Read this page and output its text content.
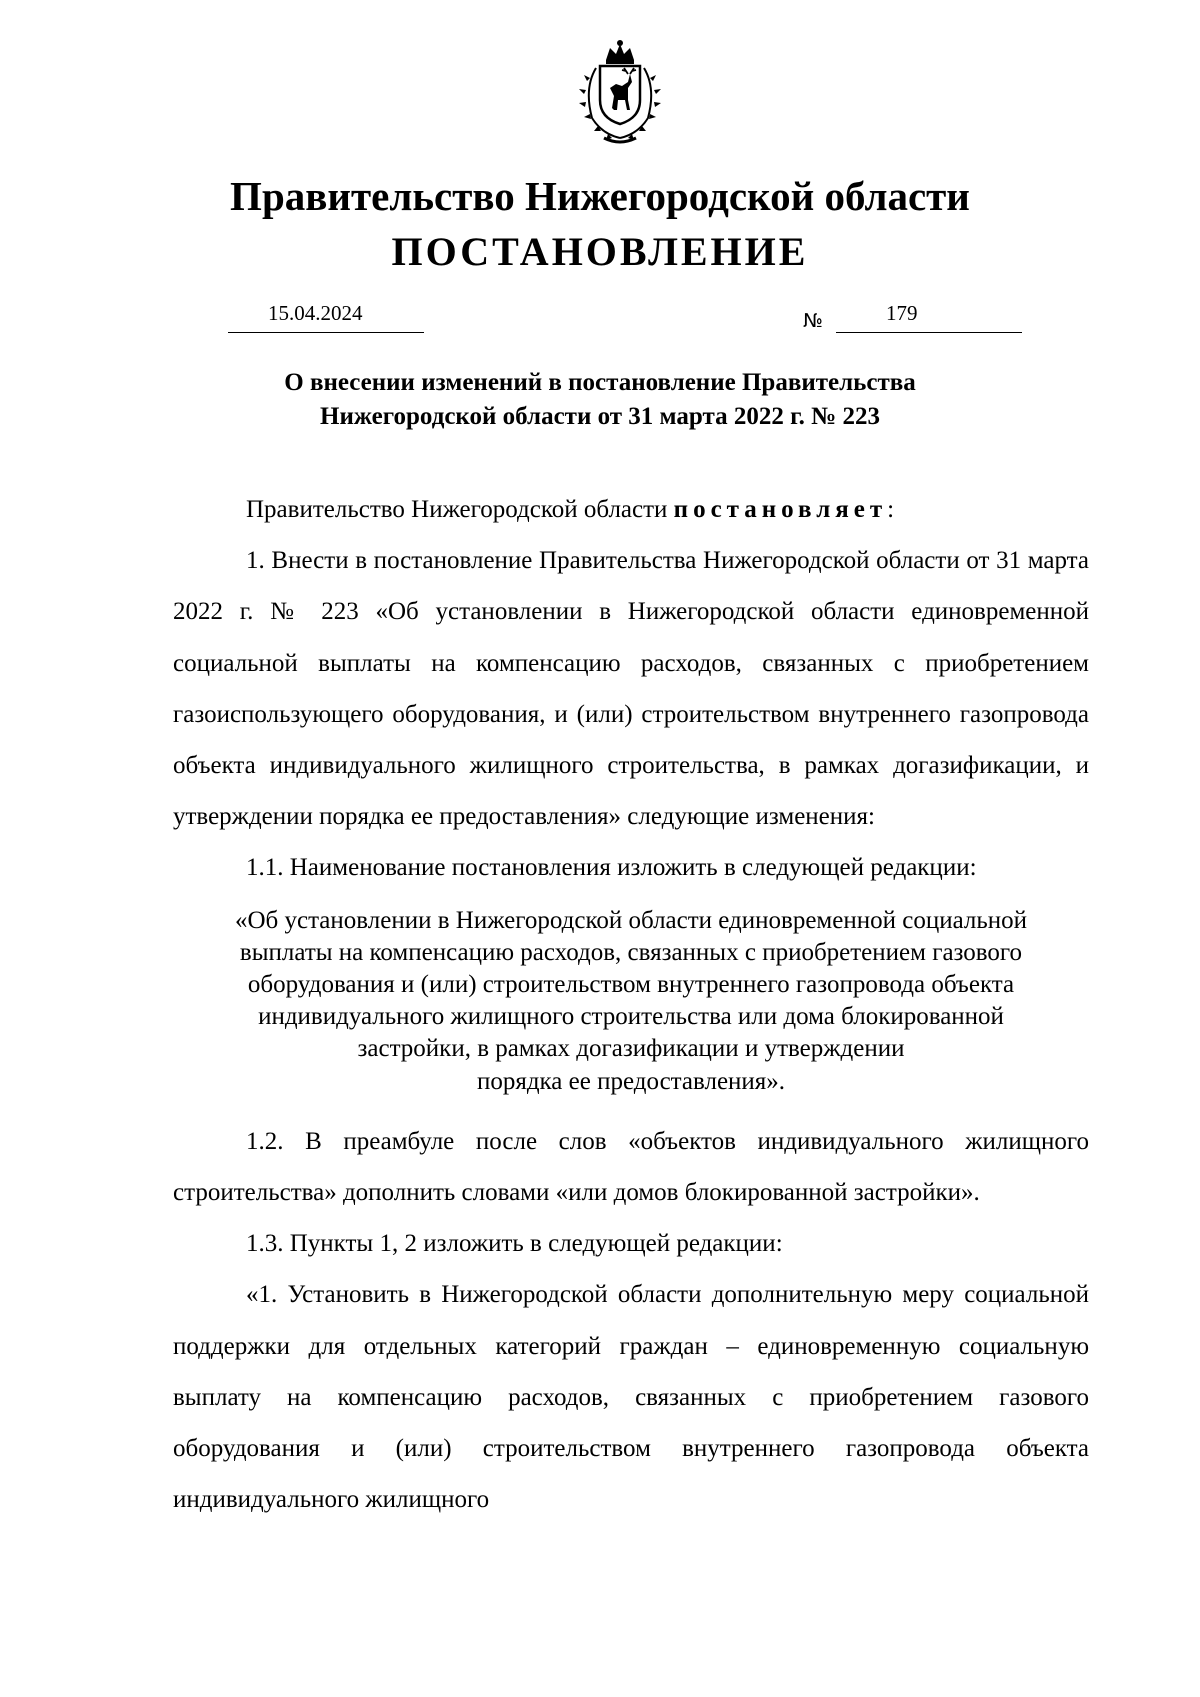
Правительство Нижегородской области
ПОСТАНОВЛЕНИЕ
15.04.2024	№	179
О внесении изменений в постановление Правительства
Нижегородской области от 31 марта 2022 г. № 223

Правительство Нижегородской области постановляет:

1. Внести в постановление Правительства Нижегородской области от 31 марта 2022 г. № 223 «Об установлении в Нижегородской области единовременной социальной выплаты на компенсацию расходов, связанных с приобретением газоиспользующего оборудования, и (или) строительством внутреннего газопровода объекта индивидуального жилищного строительства, в рамках догазификации, и утверждении порядка ее предоставления» следующие изменения:

1.1. Наименование постановления изложить в следующей редакции:

«Об установлении в Нижегородской области единовременной социальной
выплаты на компенсацию расходов, связанных с приобретением газового
оборудования и (или) строительством внутреннего газопровода объекта
индивидуального жилищного строительства или дома блокированной
застройки, в рамках догазификации и утверждении
порядка ее предоставления».

1.2. В преамбуле после слов «объектов индивидуального жилищного строительства» дополнить словами «или домов блокированной застройки».

1.3. Пункты 1, 2 изложить в следующей редакции:

«1. Установить в Нижегородской области дополнительную меру социальной поддержки для отдельных категорий граждан – единовременную социальную выплату на компенсацию расходов, связанных с приобретением газового оборудования и (или) строительством внутреннего газопровода объекта индивидуального жилищного
